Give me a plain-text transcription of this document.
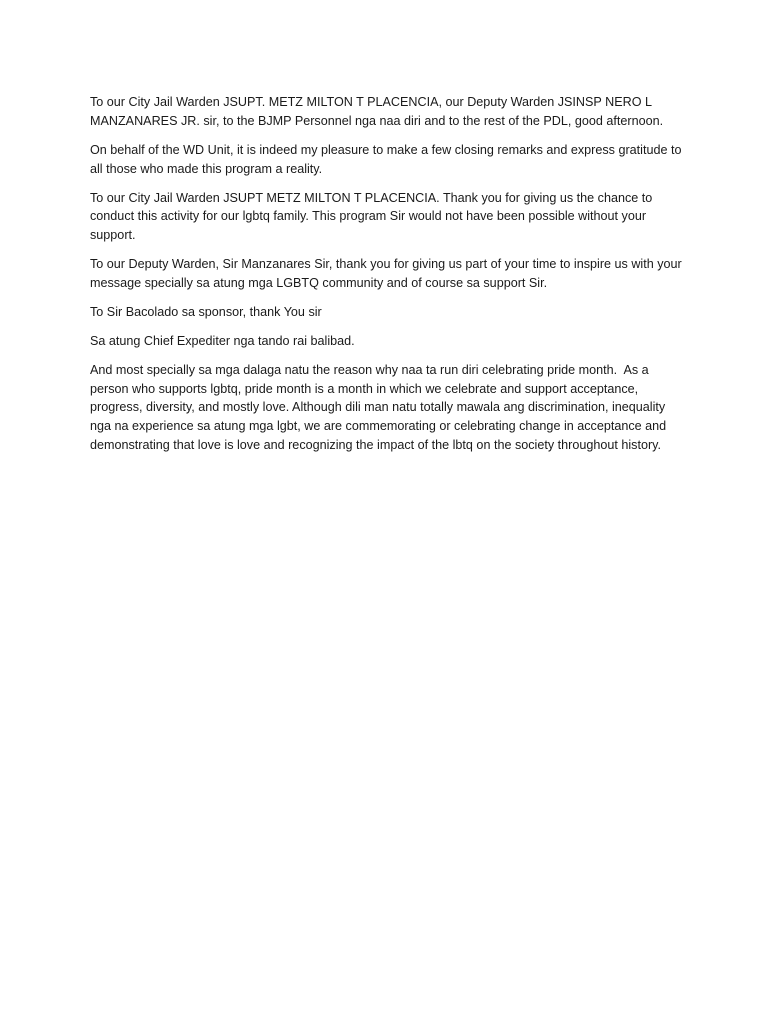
To our City Jail Warden JSUPT. METZ MILTON T PLACENCIA, our Deputy Warden JSINSP NERO L MANZANARES JR. sir, to the BJMP Personnel nga naa diri and to the rest of the PDL, good afternoon.

On behalf of the WD Unit, it is indeed my pleasure to make a few closing remarks and express gratitude to all those who made this program a reality.

To our City Jail Warden JSUPT METZ MILTON T PLACENCIA. Thank you for giving us the chance to conduct this activity for our lgbtq family. This program Sir would not have been possible without your support.

To our Deputy Warden, Sir Manzanares Sir, thank you for giving us part of your time to inspire us with your message specially sa atung mga LGBTQ community and of course sa support Sir.

To Sir Bacolado sa sponsor, thank You sir

Sa atung Chief Expediter nga tando rai balibad.

And most specially sa mga dalaga natu the reason why naa ta run diri celebrating pride month.  As a person who supports lgbtq, pride month is a month in which we celebrate and support acceptance, progress, diversity, and mostly love. Although dili man natu totally mawala ang discrimination, inequality nga na experience sa atung mga lgbt, we are commemorating or celebrating change in acceptance and demonstrating that love is love and recognizing the impact of the lbtq on the society throughout history.
